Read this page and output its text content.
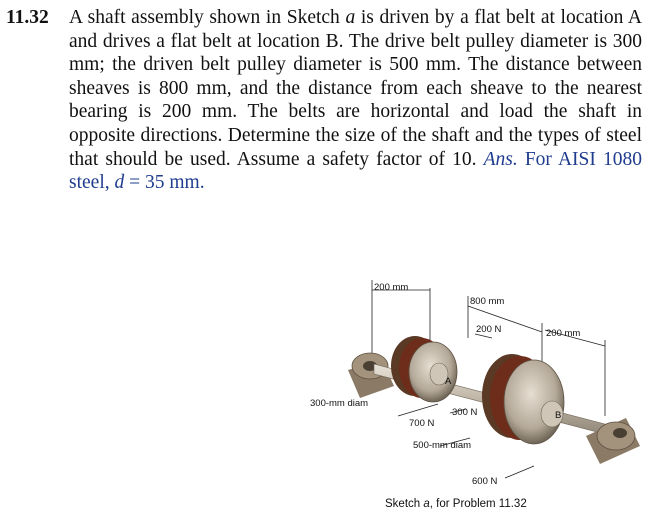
11.32 A shaft assembly shown in Sketch a is driven by a flat belt at location A and drives a flat belt at location B. The drive belt pulley diameter is 300 mm; the driven belt pulley diameter is 500 mm. The distance between sheaves is 800 mm, and the distance from each sheave to the nearest bearing is 200 mm. The belts are horizontal and load the shaft in opposite directions. Determine the size of the shaft and the types of steel that should be used. Assume a safety factor of 10. Ans. For AISI 1080 steel, d = 35 mm.
A
B
200 mm
800 mm
200 N	200 mm
300-mm diam
300 N
700 N
500-mm diam
600 N
Sketch a, for Problem 11.32
